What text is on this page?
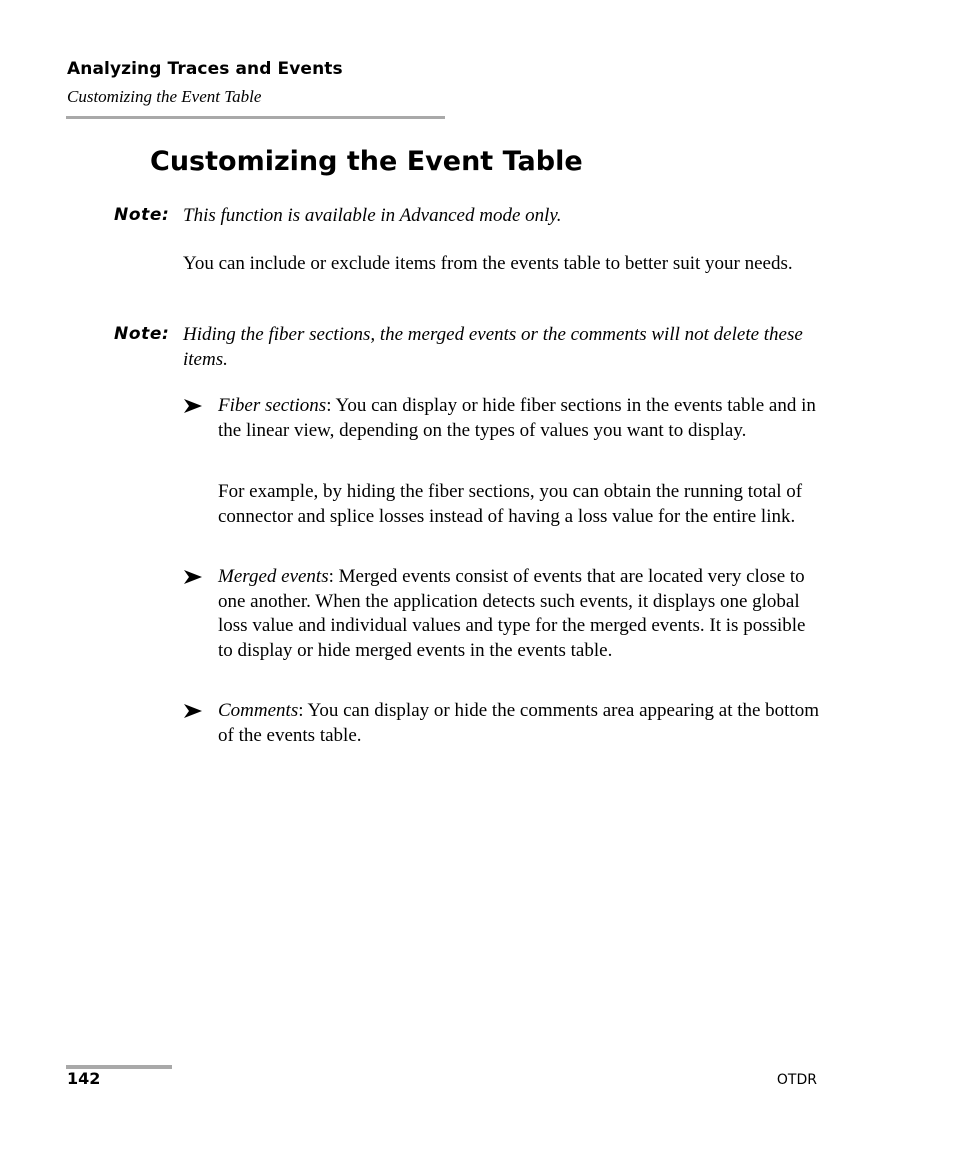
Analyzing Traces and Events
Customizing the Event Table
Customizing the Event Table
Note: This function is available in Advanced mode only.

You can include or exclude items from the events table to better suit your needs.

Note: Hiding the fiber sections, the merged events or the comments will not delete these items.

Fiber sections: You can display or hide fiber sections in the events table and in the linear view, depending on the types of values you want to display.

For example, by hiding the fiber sections, you can obtain the running total of connector and splice losses instead of having a loss value for the entire link.

Merged events: Merged events consist of events that are located very close to one another. When the application detects such events, it displays one global loss value and individual values and type for the merged events. It is possible to display or hide merged events in the events table.

Comments: You can display or hide the comments area appearing at the bottom of the events table.

142	OTDR
